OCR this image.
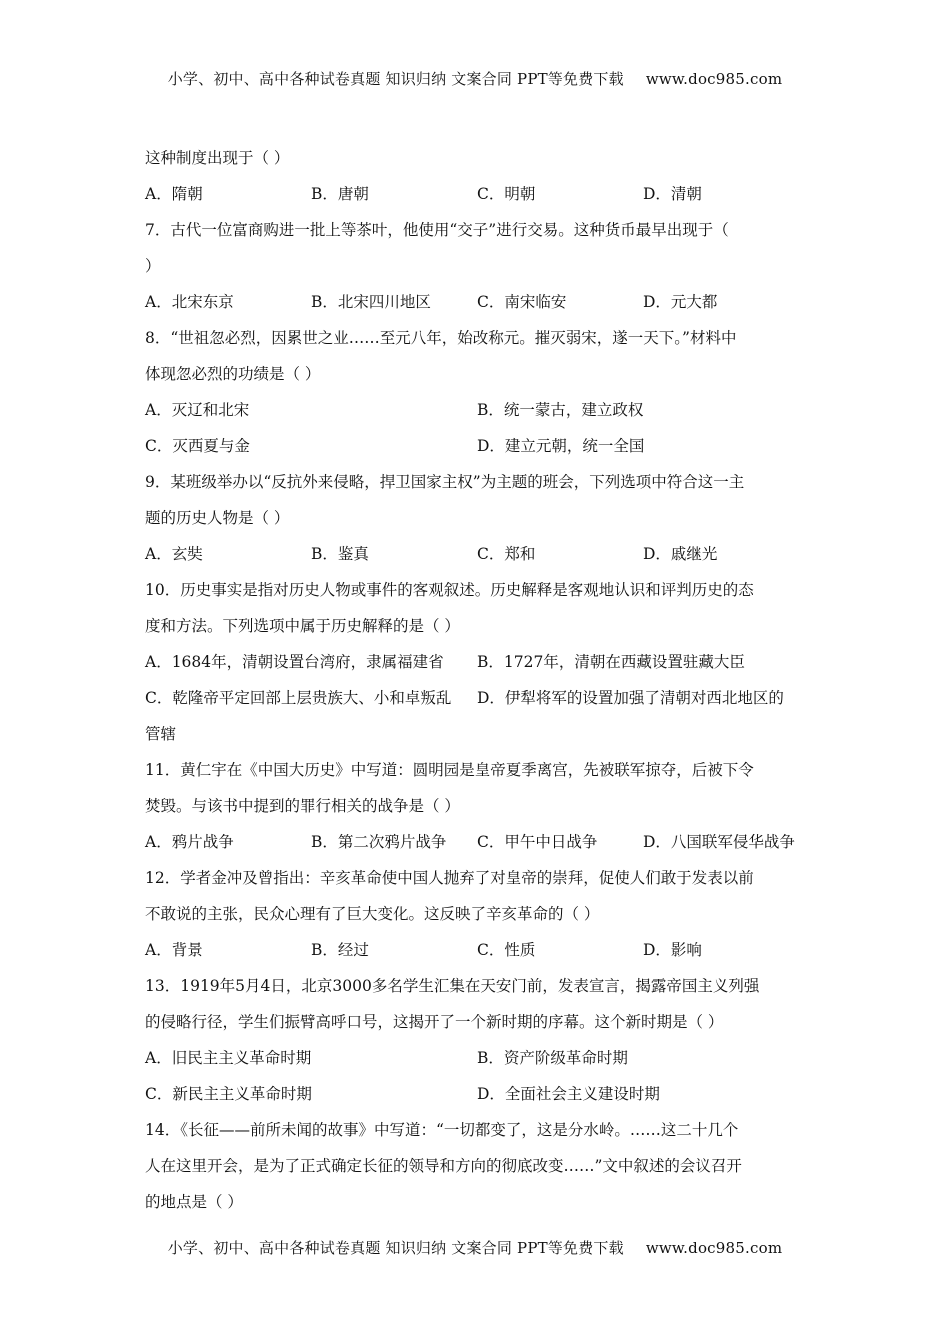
小学、初中、高中各种试卷真题 知识归纳 文案合同 PPT等免费下载 www.doc985.com
这种制度出现于（ ）
A．隋朝	B．唐朝	C．明朝	D．清朝
7．古代一位富商购进一批上等茶叶，他使用“交子”进行交易。这种货币最早出现于（
）
A．北宋东京	B．北宋四川地区	C．南宋临安	D．元大都
8．“世祖忽必烈，因累世之业……至元八年，始改称元。摧灭弱宋，遂一天下。”材料中
体现忽必烈的功绩是（ ）
A．灭辽和北宋	B．统一蒙古，建立政权
C．灭西夏与金	D．建立元朝，统一全国
9．某班级举办以“反抗外来侵略，捍卫国家主权”为主题的班会，下列选项中符合这一主
题的历史人物是（ ）
A．玄奘	B．鉴真	C．郑和	D．戚继光
10．历史事实是指对历史人物或事件的客观叙述。历史解释是客观地认识和评判历史的态
度和方法。下列选项中属于历史解释的是（ ）
A．1684年，清朝设置台湾府，隶属福建省	B．1727年，清朝在西藏设置驻藏大臣
C．乾隆帝平定回部上层贵族大、小和卓叛乱	D．伊犁将军的设置加强了清朝对西北地区的
管辖
11．黄仁宇在《中国大历史》中写道：圆明园是皇帝夏季离宫，先被联军掠夺，后被下令
焚毁。与该书中提到的罪行相关的战争是（ ）
A．鸦片战争	B．第二次鸦片战争	C．甲午中日战争	D．八国联军侵华战争
12．学者金冲及曾指出：辛亥革命使中国人抛弃了对皇帝的崇拜，促使人们敢于发表以前
不敢说的主张，民众心理有了巨大变化。这反映了辛亥革命的（ ）
A．背景	B．经过	C．性质	D．影响
13．1919年5月4日，北京3000多名学生汇集在天安门前，发表宣言，揭露帝国主义列强
的侵略行径，学生们振臂高呼口号，这揭开了一个新时期的序幕。这个新时期是（ ）
A．旧民主主义革命时期	B．资产阶级革命时期
C．新民主主义革命时期	D．全面社会主义建设时期
14．《长征——前所未闻的故事》中写道：“一切都变了，这是分水岭。……这二十几个
人在这里开会，是为了正式确定长征的领导和方向的彻底改变……”文中叙述的会议召开
的地点是（ ）
小学、初中、高中各种试卷真题 知识归纳 文案合同 PPT等免费下载 www.doc985.com
